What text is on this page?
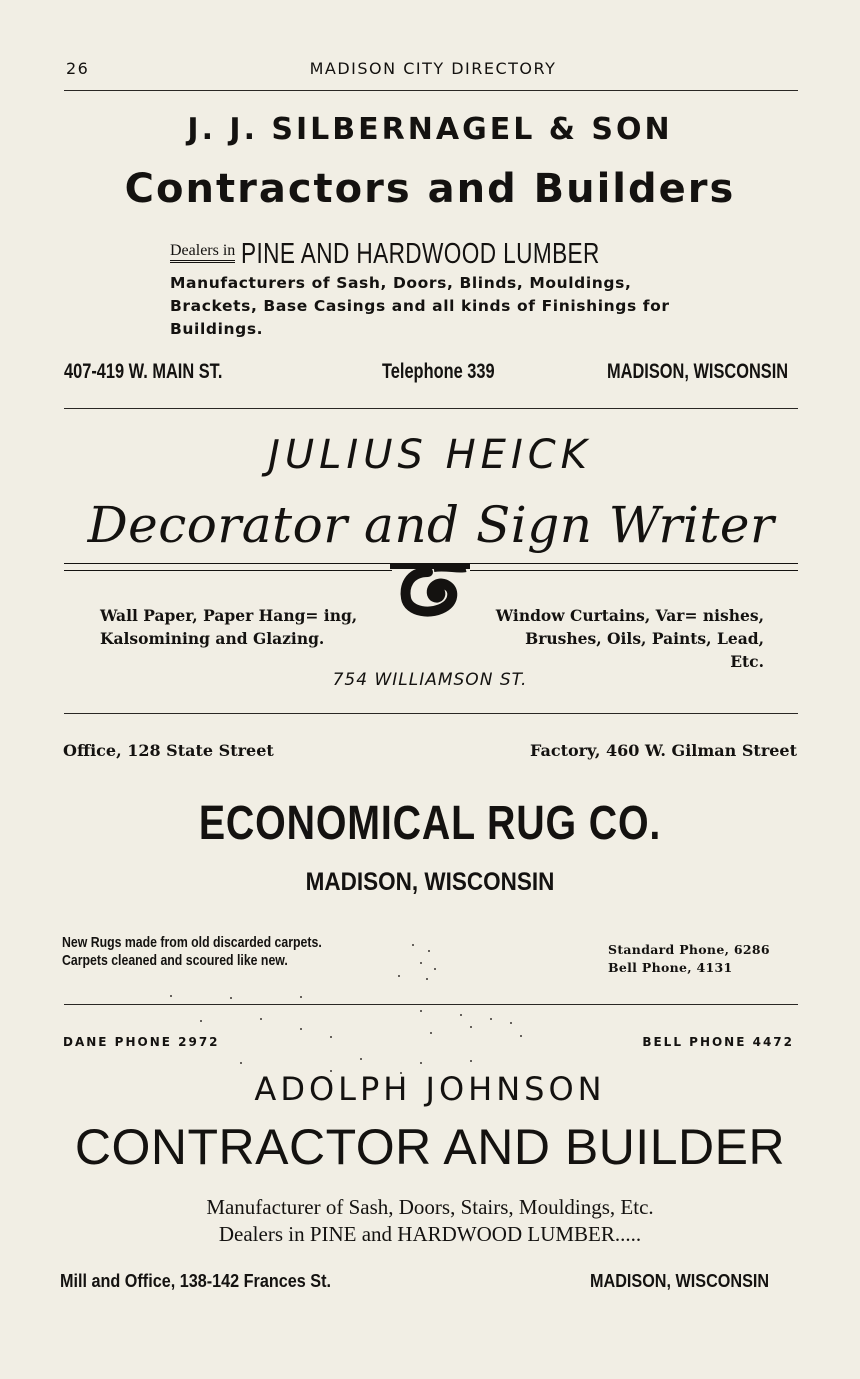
26	MADISON CITY DIRECTORY
J. J. SILBERNAGEL & SON
Contractors and Builders
Dealers in PINE AND HARDWOOD LUMBER
Manufacturers of Sash, Doors, Blinds, Mouldings, Brackets, Base Casings and all kinds of Finishings for Buildings.
407-419 W. MAIN ST.	Telephone 339	MADISON, WISCONSIN
JULIUS HEICK
Decorator and Sign Writer
Wall Paper, Paper Hang= ing, Kalsomining and Glazing.
Window Curtains, Var= nishes, Brushes, Oils, Paints, Lead, Etc.
754 WILLIAMSON ST.
Office, 128 State Street	Factory, 460 W. Gilman Street
ECONOMICAL RUG CO.
MADISON, WISCONSIN
New Rugs made from old discarded carpets.
Carpets cleaned and scoured like new.
Standard Phone, 6286
Bell Phone, 4131
DANE PHONE 2972	BELL PHONE 4472
ADOLPH JOHNSON
CONTRACTOR AND BUILDER
Manufacturer of Sash, Doors, Stairs, Mouldings, Etc.
Dealers in PINE and HARDWOOD LUMBER.....
Mill and Office, 138-142 Frances St.	MADISON, WISCONSIN
